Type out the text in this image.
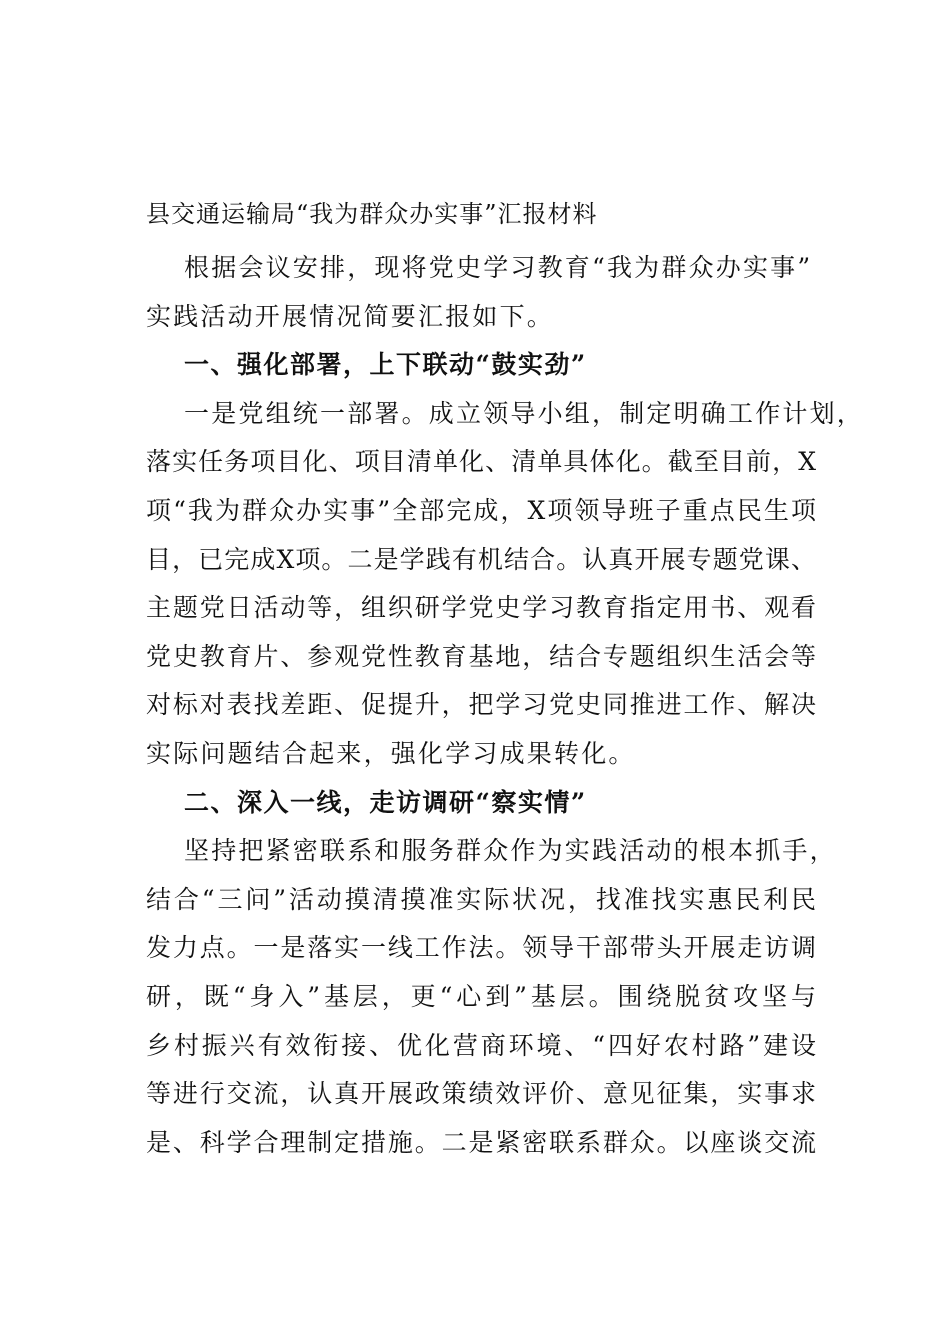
县交通运输局“我为群众办实事”汇报材料
根据会议安排，现将党史学习教育“我为群众办实事”
实践活动开展情况简要汇报如下。
一、强化部署，上下联动“鼓实劲”
一是党组统一部署。成立领导小组，制定明确工作计划，
落实任务项目化、项目清单化、清单具体化。截至目前，X
项“我为群众办实事”全部完成，X项领导班子重点民生项
目，已完成X项。二是学践有机结合。认真开展专题党课、
主题党日活动等，组织研学党史学习教育指定用书、观看
党史教育片、参观党性教育基地，结合专题组织生活会等
对标对表找差距、促提升，把学习党史同推进工作、解决
实际问题结合起来，强化学习成果转化。
二、深入一线，走访调研“察实情”
坚持把紧密联系和服务群众作为实践活动的根本抓手，
结合“三问”活动摸清摸准实际状况，找准找实惠民利民
发力点。一是落实一线工作法。领导干部带头开展走访调
研，既“身入”基层，更“心到”基层。围绕脱贫攻坚与
乡村振兴有效衔接、优化营商环境、“四好农村路”建设
等进行交流，认真开展政策绩效评价、意见征集，实事求
是、科学合理制定措施。二是紧密联系群众。以座谈交流
